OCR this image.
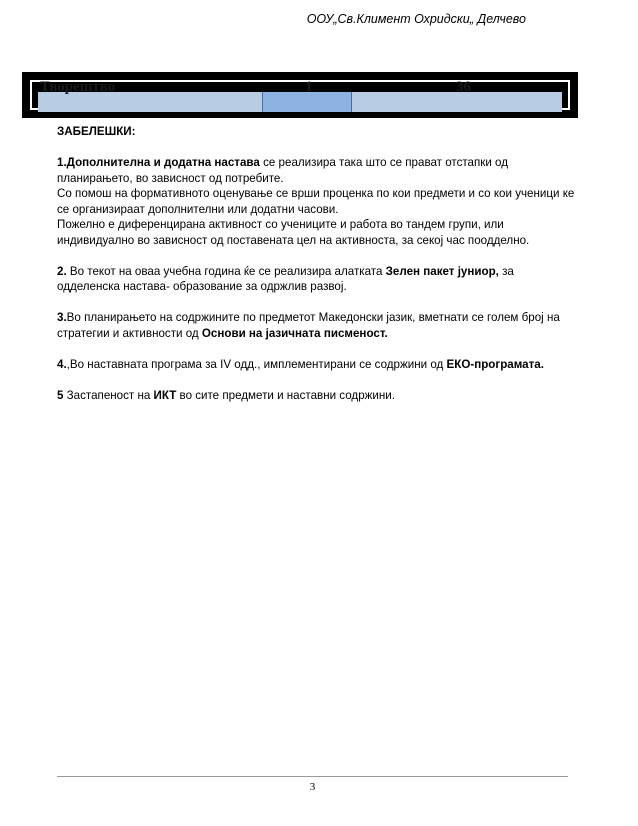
ООУ„Св.Климент Охридски„ Делчево
Творештво	1	36
ЗАБЕЛЕШКИ:

1.Дополнителна и додатна настава се реализира така што се прават отстапки од планирањето, во зависност од потребите.
Со помош на формативното оценување се врши проценка по кои предмети и со кои ученици ке се организираат дополнителни или додатни часови.
Пожелно е диференцирана активност со учениците и работа во тандем групи, или индивидуално во зависност од поставената цел на активноста, за секој час поодделно.

2. Во текот на оваа учебна година ќе се реализира алатката Зелен пакет јуниор, за одделенска настава- образование за одржлив развој.

3.Во планирањето на содржините по предметот Македонски јазик, вметнати се голем број на стратегии и активности од Основи на јазичната писменост.

4.,Во наставната програма за IV одд., имплементирани се содржини од ЕКО-програмата.

5 Застапеност на ИКТ во сите предмети и наставни содржини.

3
